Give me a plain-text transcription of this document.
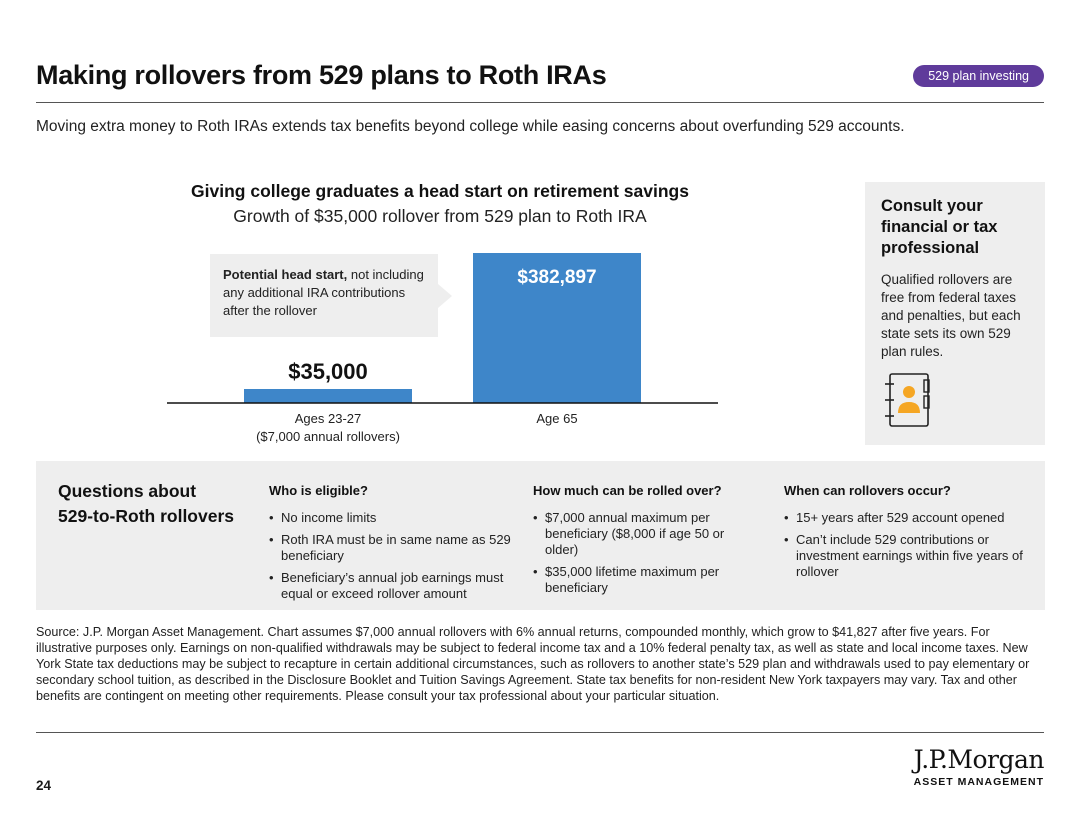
Making rollovers from 529 plans to Roth IRAs	529 plan investing
Moving extra money to Roth IRAs extends tax benefits beyond college while easing concerns about overfunding 529 accounts.
Giving college graduates a head start on retirement savings
Growth of $35,000 rollover from 529 plan to Roth IRA
Potential head start, not including any additional IRA contributions after the rollover
$35,000
Ages 23-27
($7,000 annual rollovers)
$382,897
Age 65
Consult your financial or tax professional
Qualified rollovers are free from federal taxes and penalties, but each state sets its own 529 plan rules.
Questions about
529-to-Roth rollovers
Who is eligible?
• No income limits
• Roth IRA must be in same name as 529 beneficiary
• Beneficiary’s annual job earnings must equal or exceed rollover amount
How much can be rolled over?
• $7,000 annual maximum per beneficiary ($8,000 if age 50 or older)
• $35,000 lifetime maximum per beneficiary
When can rollovers occur?
• 15+ years after 529 account opened
• Can’t include 529 contributions or investment earnings within five years of rollover
Source: J.P. Morgan Asset Management. Chart assumes $7,000 annual rollovers with 6% annual returns, compounded monthly, which grow to $41,827 after five years. For illustrative purposes only. Earnings on non-qualified withdrawals may be subject to federal income tax and a 10% federal penalty tax, as well as state and local income taxes. New York State tax deductions may be subject to recapture in certain additional circumstances, such as rollovers to another state’s 529 plan and withdrawals used to pay elementary or secondary school tuition, as described in the Disclosure Booklet and Tuition Savings Agreement. State tax benefits for non-resident New York taxpayers may vary. Tax and other benefits are contingent on meeting other requirements. Please consult your tax professional about your particular situation.
24
J.P.Morgan
ASSET MANAGEMENT
